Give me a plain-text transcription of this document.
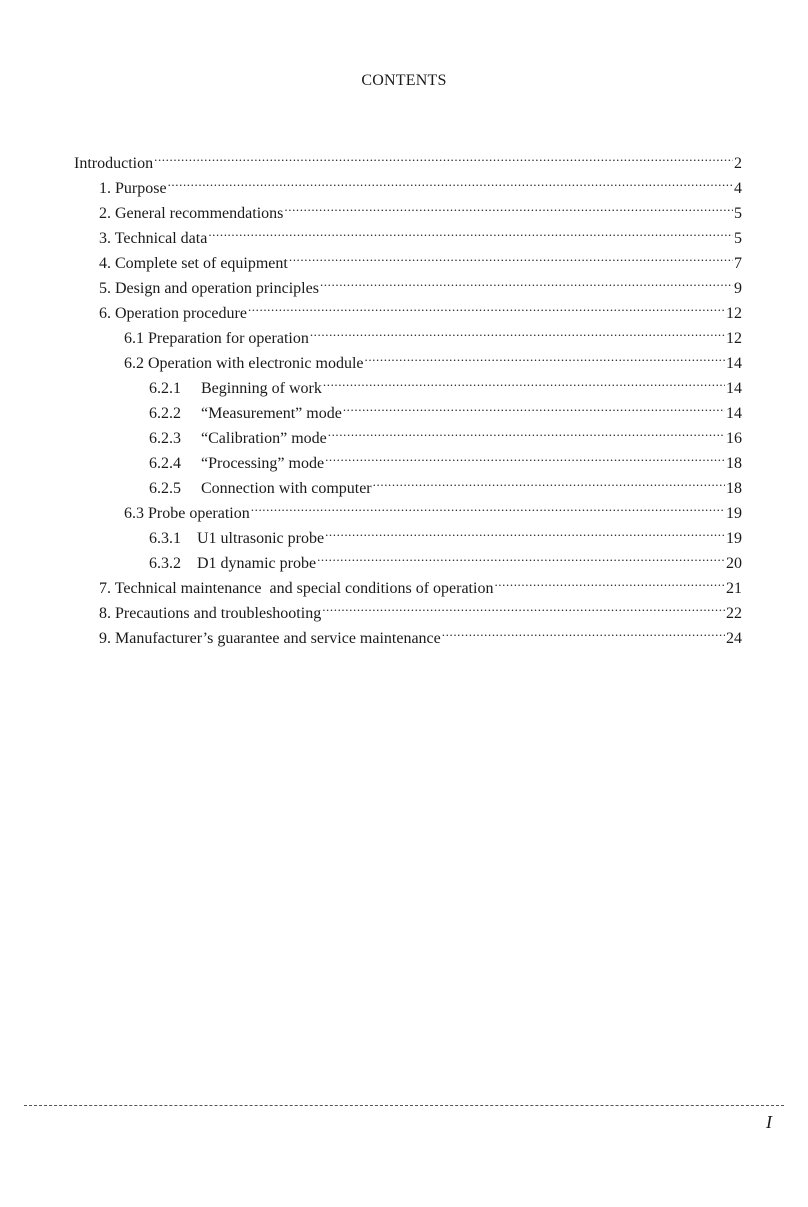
CONTENTS
Introduction .....	2
1. Purpose .....	4
2. General recommendations .....	5
3. Technical data .....	5
4. Complete set of equipment .....	7
5. Design and operation principles .....	9
6. Operation procedure .....	12
6.1 Preparation for operation .....	12
6.2 Operation with electronic module .....	14
6.2.1 Beginning of work .....	14
6.2.2 “Measurement” mode .....	14
6.2.3 “Calibration” mode .....	16
6.2.4 “Processing” mode .....	18
6.2.5 Connection with computer .....	18
6.3 Probe operation .....	19
6.3.1 U1 ultrasonic probe .....	19
6.3.2 D1 dynamic probe .....	20
7. Technical maintenance  and special conditions of operation .....	21
8. Precautions and troubleshooting .....	22
9. Manufacturer’s guarantee and service maintenance .....	24
I
